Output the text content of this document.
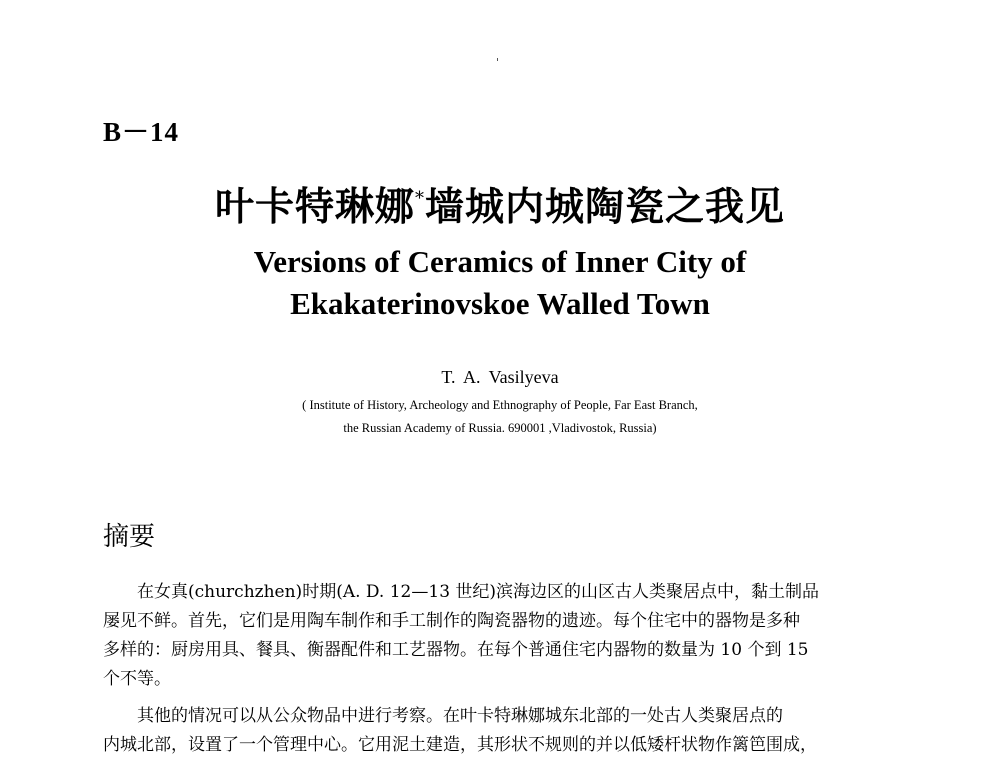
B－14
叶卡特琳娜*墙城内城陶瓷之我见
Versions of Ceramics of Inner City of
Ekakaterinovskoe Walled Town
T. A. Vasilyeva
( Institute of History, Archeology and Ethnography of People, Far East Branch,
the Russian Academy of Russia. 690001 ,Vladivostok, Russia)
摘要
在女真(churchzhen)时期(A. D. 12—13 世纪)滨海边区的山区古人类聚居点中，黏土制品
屡见不鲜。首先，它们是用陶车制作和手工制作的陶瓷器物的遗迹。每个住宅中的器物是多种
多样的：厨房用具、餐具、衡器配件和工艺器物。在每个普通住宅内器物的数量为 10 个到 15
个不等。
其他的情况可以从公众物品中进行考察。在叶卡特琳娜城东北部的一处古人类聚居点的
内城北部，设置了一个管理中心。它用泥土建造，其形状不规则的并以低矮杆状物作篱笆围成，
